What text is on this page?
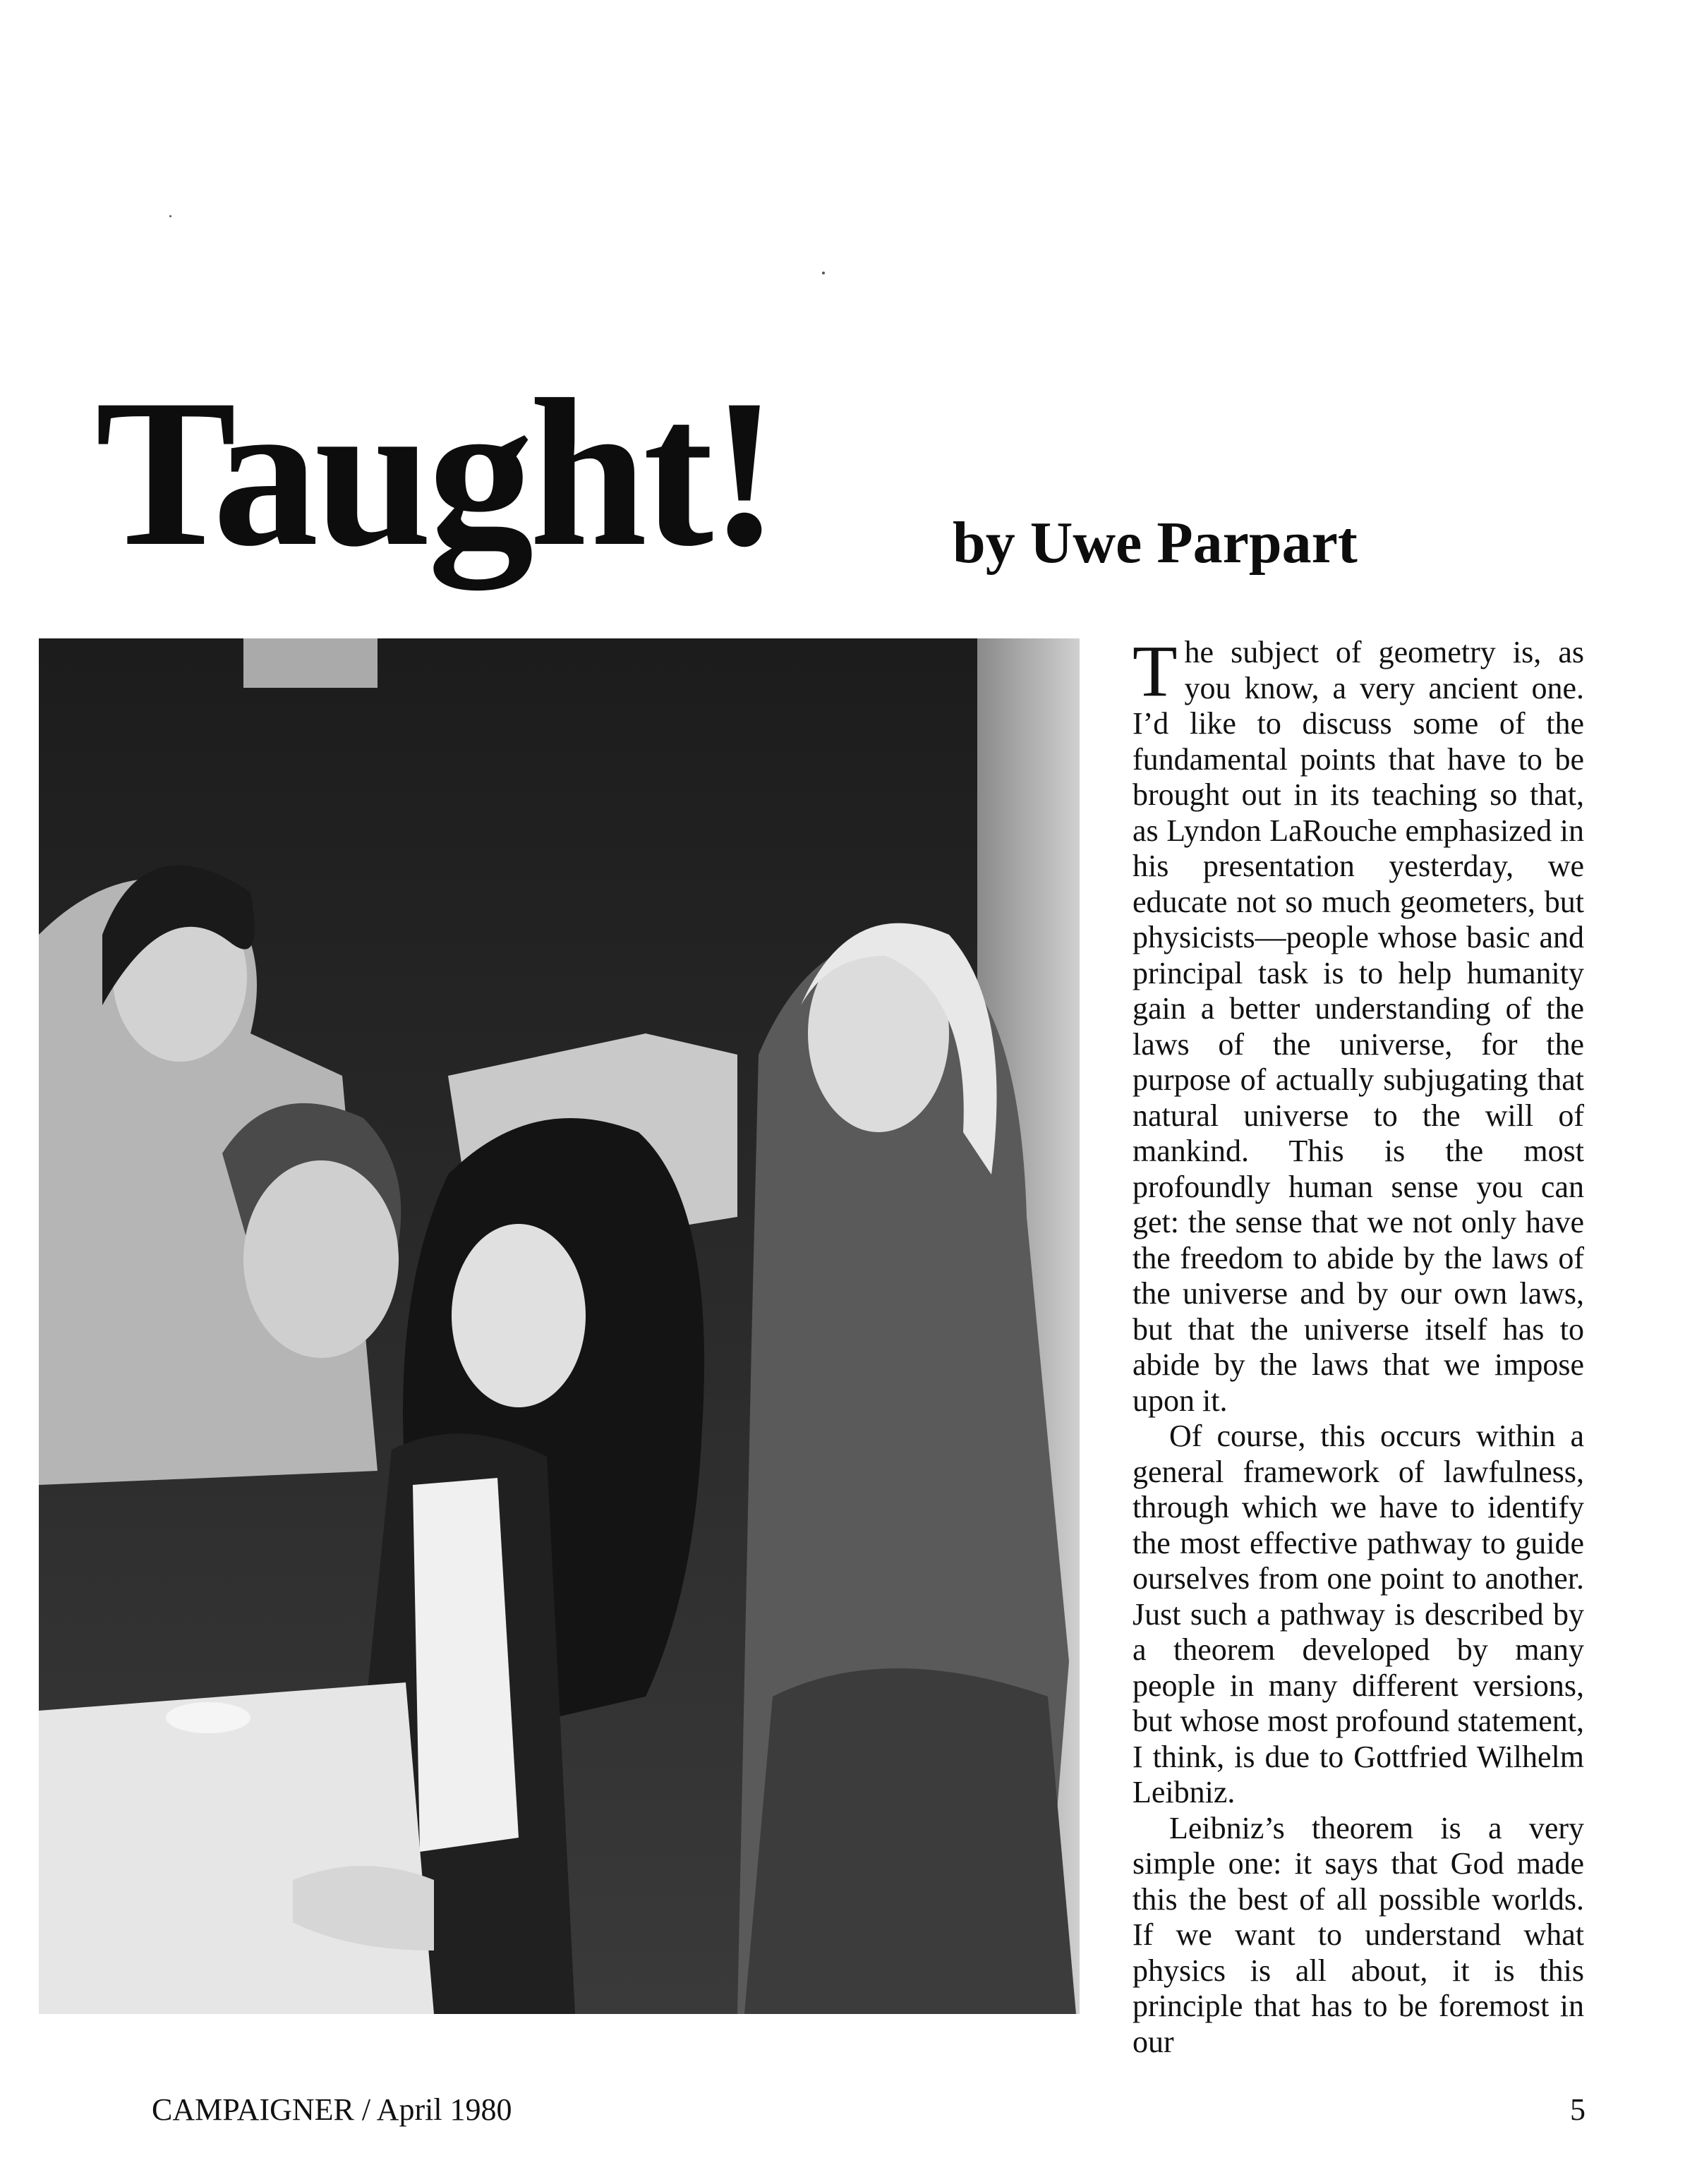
Taught!	by Uwe Parpart

The subject of geometry is, as you know, a very ancient one. I’d like to discuss some of the fundamental points that have to be brought out in its teaching so that, as Lyndon LaRouche emphasized in his presentation yesterday, we educate not so much geometers, but physicists—people whose basic and principal task is to help humanity gain a better understanding of the laws of the universe, for the purpose of actually subjugating that natural universe to the will of mankind. This is the most profoundly human sense you can get: the sense that we not only have the freedom to abide by the laws of the universe and by our own laws, but that the universe itself has to abide by the laws that we impose upon it.

Of course, this occurs within a general framework of lawfulness, through which we have to identify the most effective pathway to guide ourselves from one point to another. Just such a pathway is described by a theorem developed by many people in many different versions, but whose most profound statement, I think, is due to Gottfried Wilhelm Leibniz.

Leibniz’s theorem is a very simple one: it says that God made this the best of all possible worlds. If we want to understand what physics is all about, it is this principle that has to be foremost in our

CAMPAIGNER / April 1980	5
